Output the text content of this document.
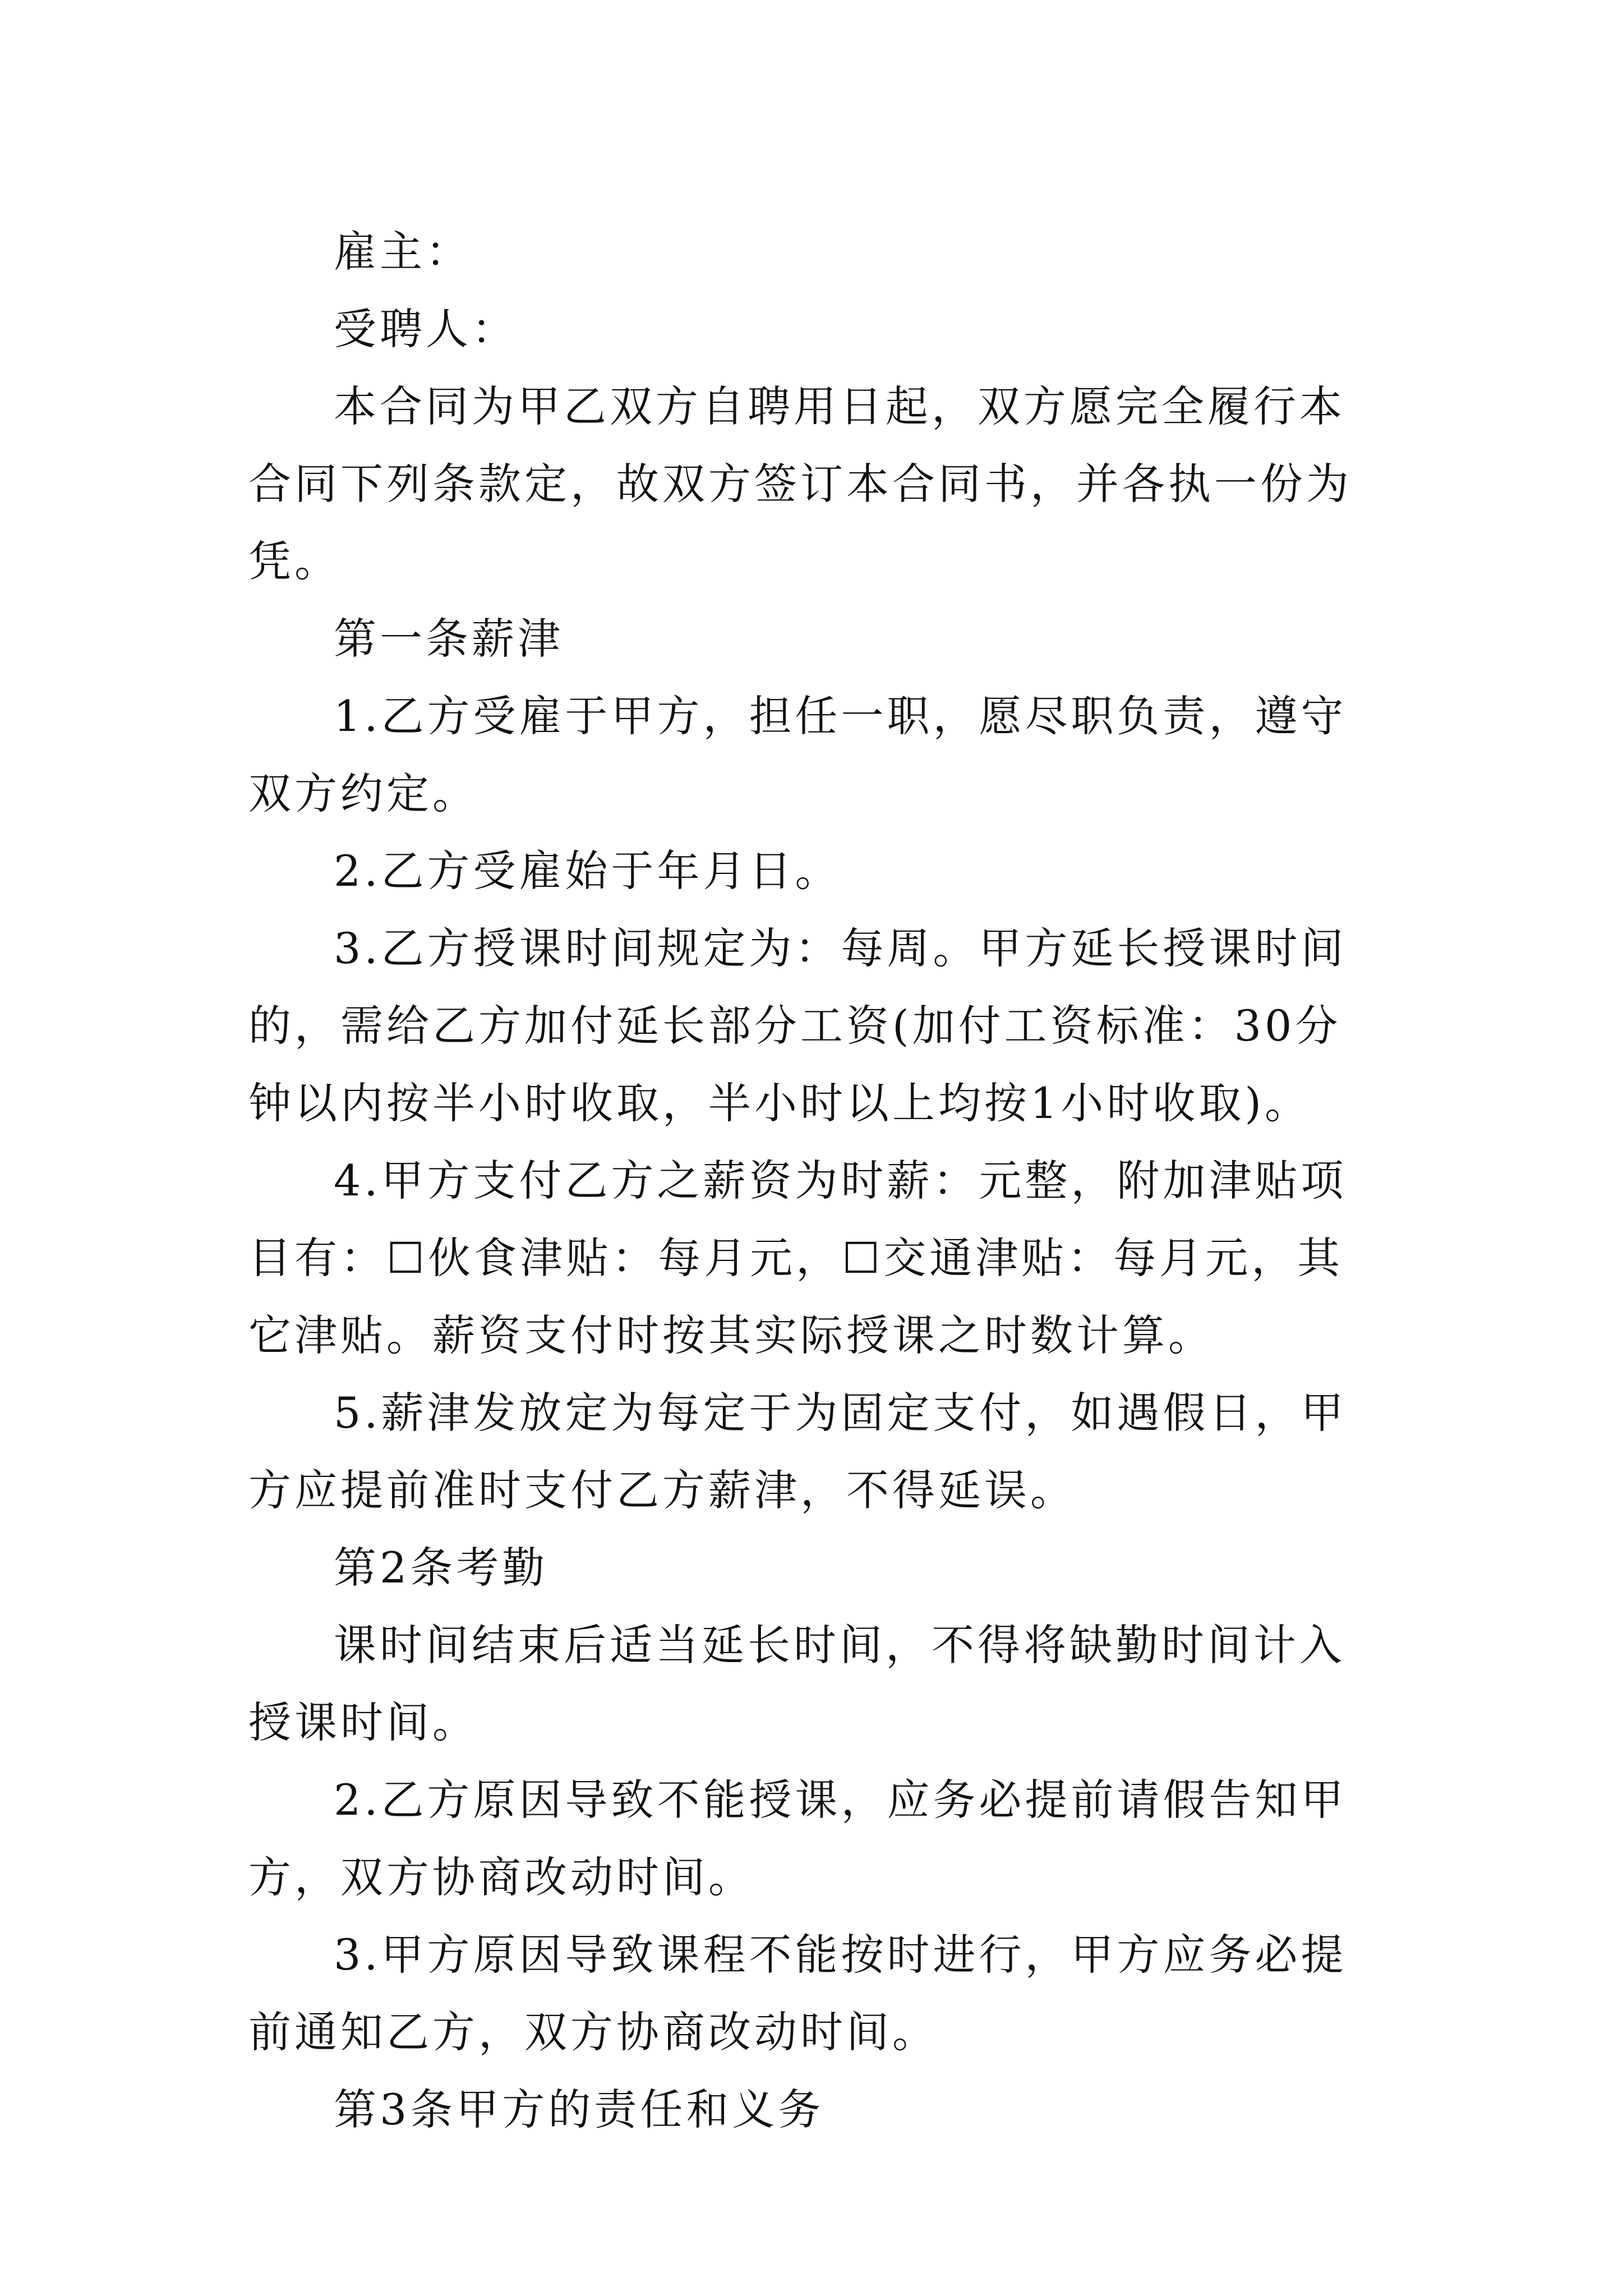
雇主：

受聘人：

本合同为甲乙双方自聘用日起，双方愿完全履行本合同下列条款定，故双方签订本合同书，并各执一份为凭。

第一条薪津

1.乙方受雇于甲方，担任一职，愿尽职负责，遵守双方约定。

2.乙方受雇始于年月日。

3.乙方授课时间规定为：每周。甲方延长授课时间的，需给乙方加付延长部分工资(加付工资标准：30分钟以内按半小时收取，半小时以上均按1小时收取)。

4.甲方支付乙方之薪资为时薪：元整，附加津贴项目有：☐伙食津贴：每月元，☐交通津贴：每月元，其它津贴。薪资支付时按其实际授课之时数计算。

5.薪津发放定为每定于为固定支付，如遇假日，甲方应提前准时支付乙方薪津，不得延误。

第2条考勤

课时间结束后适当延长时间，不得将缺勤时间计入授课时间。

2.乙方原因导致不能授课，应务必提前请假告知甲方，双方协商改动时间。

3.甲方原因导致课程不能按时进行，甲方应务必提前通知乙方，双方协商改动时间。

第3条甲方的责任和义务
